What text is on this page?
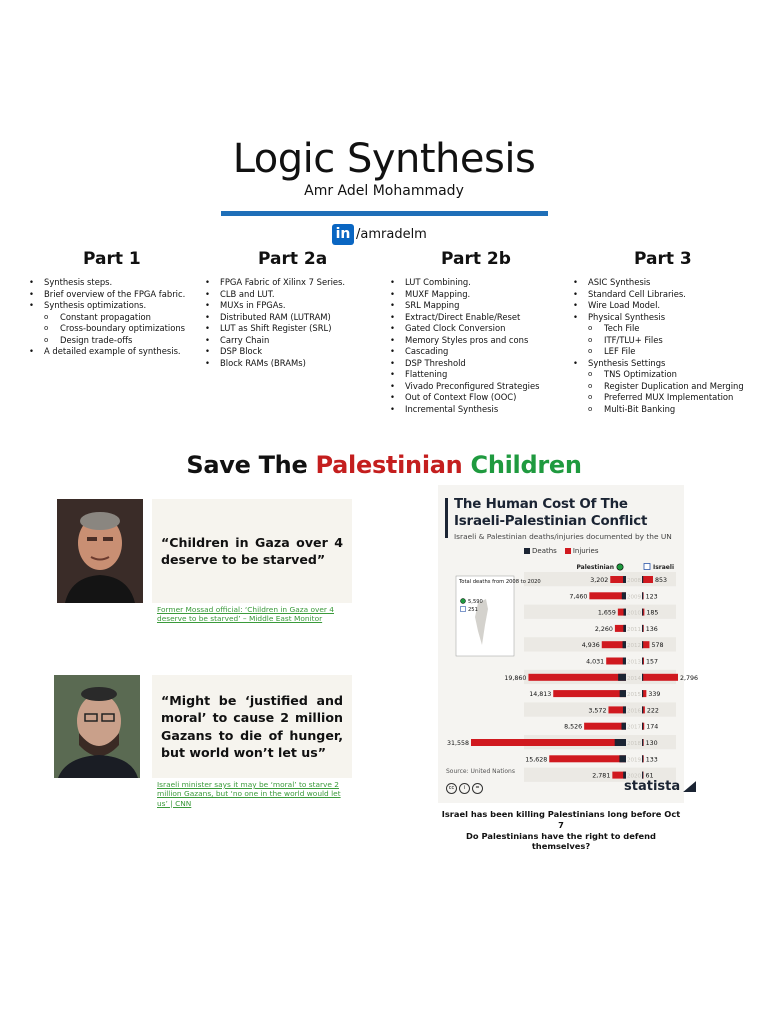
Logic Synthesis
Amr Adel Mohammady
in /amradelm
Part 1	Part 2a	Part 2b	Part 3
• Synthesis steps.
• Brief overview of the FPGA fabric.
• Synthesis optimizations.
o Constant propagation
o Cross-boundary optimizations
o Design trade-offs
• A detailed example of synthesis.
• FPGA Fabric of Xilinx 7 Series.
• CLB and LUT.
• MUXs in FPGAs.
• Distributed RAM (LUTRAM)
• LUT as Shift Register (SRL)
• Carry Chain
• DSP Block
• Block RAMs (BRAMs)
• LUT Combining.
• MUXF Mapping.
• SRL Mapping
• Extract/Direct Enable/Reset
• Gated Clock Conversion
• Memory Styles pros and cons
• Cascading
• DSP Threshold
• Flattening
• Vivado Preconfigured Strategies
• Out of Context Flow (OOC)
• Incremental Synthesis
• ASIC Synthesis
• Standard Cell Libraries.
• Wire Load Model.
• Physical Synthesis
o Tech File
o ITF/TLU+ Files
o LEF File
• Synthesis Settings
o TNS Optimization
o Register Duplication and Merging
o Preferred MUX Implementation
o Multi-Bit Banking
Save The Palestinian Children
“Children in Gaza over 4 deserve to be starved”
Former Mossad official: ‘Children in Gaza over 4 deserve to be starved’ – Middle East Monitor
“Might be ‘justified and moral’ to cause 2 million Gazans to die of hunger, but world won’t let us”
Israeli minister says it may be ‘moral’ to starve 2 million Gazans, but ‘no one in the world would let us’ | CNN
The Human Cost Of The
Israeli-Palestinian Conflict
Israeli & Palestinian deaths/injuries documented by the UN
Deaths	Injuries
Palestinian	Israeli
3,202	2008 853
7,460	2009 123
1,659 2010 185
2,260	2011 136
4,936	2012 578
4,031	2013 157
19,860	2014	2,796
14,813	2015 339
3,572	2016 222
8,526	2017 174
31,558	2018 130
15,628	2019 133
2,781	2020 61
Total deaths from 2008 to 2020
5,590
251
Source: United Nations
cc	i	=	statista
Israel has been killing Palestinians long before Oct 7
Do Palestinians have the right to defend themselves?
